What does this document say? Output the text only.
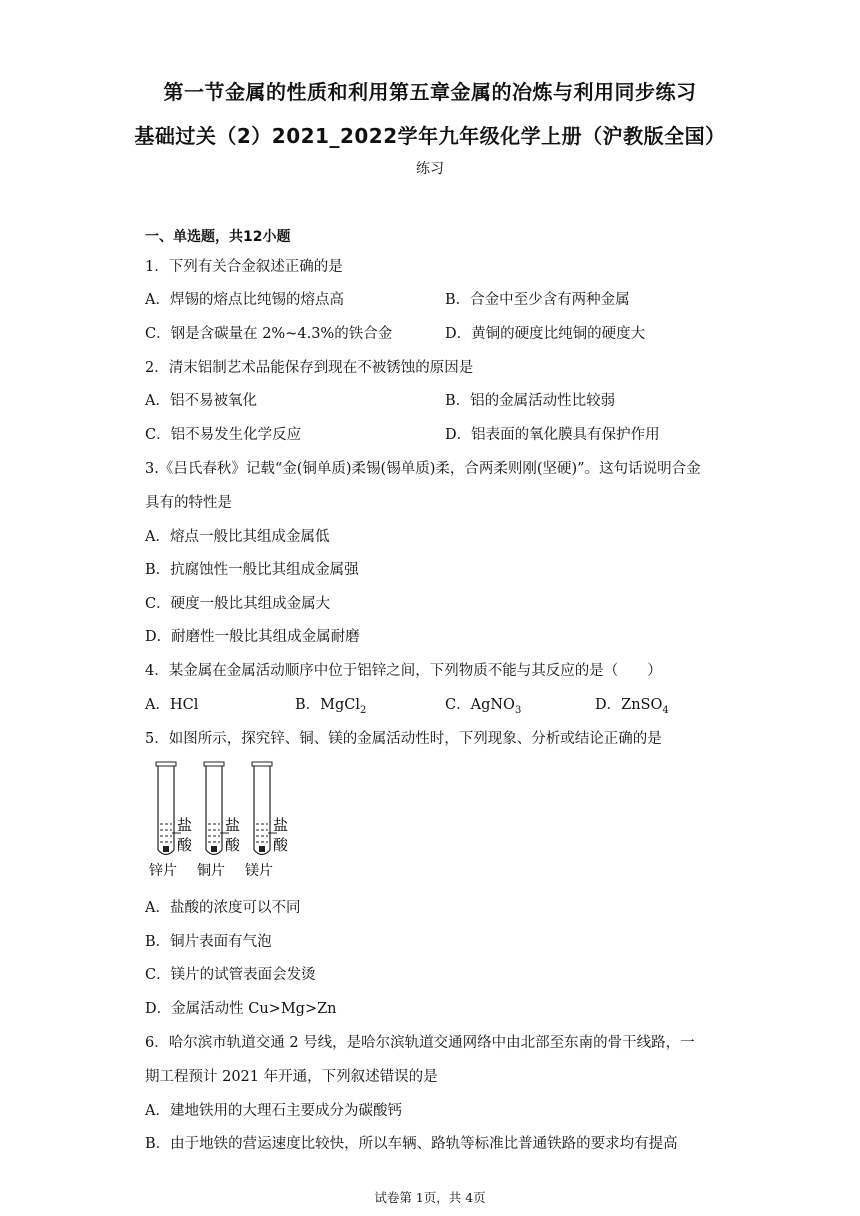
第一节金属的性质和利用第五章金属的冶炼与利用同步练习
基础过关（2）2021_2022学年九年级化学上册（沪教版全国）
练习
一、单选题，共12小题
1．下列有关合金叙述正确的是
A．焊锡的熔点比纯锡的熔点高	B．合金中至少含有两种金属
C．钢是含碳量在 2%~4.3%的铁合金	D．黄铜的硬度比纯铜的硬度大
2．清末铝制艺术品能保存到现在不被锈蚀的原因是
A．铝不易被氧化	B．铝的金属活动性比较弱
C．铝不易发生化学反应	D．铝表面的氧化膜具有保护作用
3.《吕氏春秋》记载“金(铜单质)柔锡(锡单质)柔，合两柔则刚(坚硬)”。这句话说明合金
具有的特性是
A．熔点一般比其组成金属低
B．抗腐蚀性一般比其组成金属强
C．硬度一般比其组成金属大
D．耐磨性一般比其组成金属耐磨
4．某金属在金属活动顺序中位于铝锌之间，下列物质不能与其反应的是（　　）
A．HCl	B．MgCl$_2$	C．AgNO$_3$	D．ZnSO$_4$
5．如图所示，探究锌、铜、镁的金属活动性时，下列现象、分析或结论正确的是
盐
酸
盐
酸
盐
酸
锌片 铜片 镁片
A．盐酸的浓度可以不同
B．铜片表面有气泡
C．镁片的试管表面会发烫
D．金属活动性 Cu>Mg>Zn
6．哈尔滨市轨道交通 2 号线，是哈尔滨轨道交通网络中由北部至东南的骨干线路，一
期工程预计 2021 年开通，下列叙述错误的是
A．建地铁用的大理石主要成分为碳酸钙
B．由于地铁的营运速度比较快，所以车辆、路轨等标准比普通铁路的要求均有提高
试卷第 1页，共 4页
